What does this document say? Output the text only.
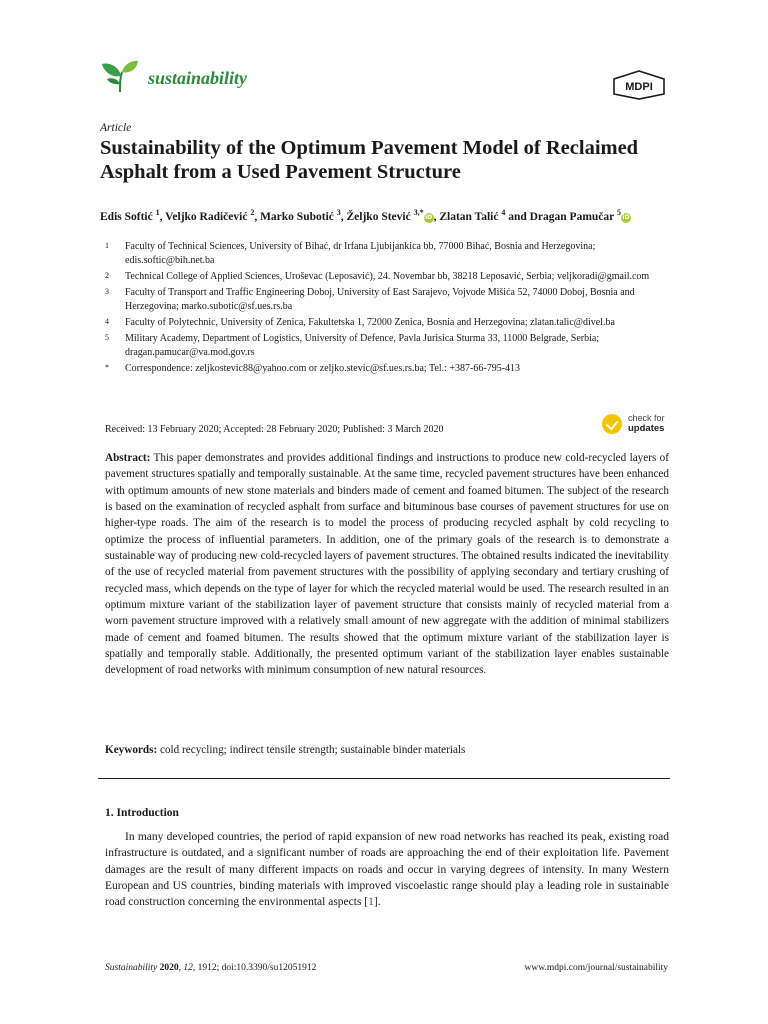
sustainability	MDPI
Article
Sustainability of the Optimum Pavement Model of Reclaimed Asphalt from a Used Pavement Structure
Edis Softić $^1$, Veljko Radičević $^2$, Marko Subotić $^3$, Željko Stević $^{3,*}$iD, Zlatan Talić $^4$ and Dragan Pamučar $^5$iD
1 Faculty of Technical Sciences, University of Bihać, dr Irfana Ljubijankica bb, 77000 Bihać, Bosnia and Herzegovina; edis.softic@bih.net.ba
2 Technical College of Applied Sciences, Uroševac (Leposavić), 24. Novembar bb, 38218 Leposavić, Serbia; veljkoradi@gmail.com
3 Faculty of Transport and Traffic Engineering Doboj, University of East Sarajevo, Vojvode Mišića 52, 74000 Doboj, Bosnia and Herzegovina; marko.subotic@sf.ues.rs.ba
4 Faculty of Polytechnic, University of Zenica, Fakultetska 1, 72000 Zenica, Bosnia and Herzegovina; zlatan.talic@divel.ba
5 Military Academy, Department of Logistics, University of Defence, Pavla Jurisica Sturma 33, 11000 Belgrade, Serbia; dragan.pamucar@va.mod.gov.rs
* Correspondence: zeljkostevic88@yahoo.com or zeljko.stevic@sf.ues.rs.ba; Tel.: +387-66-795-413
Received: 13 February 2020; Accepted: 28 February 2020; Published: 3 March 2020
check for
updates
Abstract: This paper demonstrates and provides additional findings and instructions to produce new cold-recycled layers of pavement structures spatially and temporally sustainable. At the same time, recycled pavement structures have been enhanced with optimum amounts of new stone materials and binders made of cement and foamed bitumen. The subject of the research is based on the examination of recycled asphalt from surface and bituminous base courses of pavement structures for use on higher-type roads. The aim of the research is to model the process of producing recycled asphalt by cold recycling to optimize the process of influential parameters. In addition, one of the primary goals of the research is to demonstrate a sustainable way of producing new cold-recycled layers of pavement structures. The obtained results indicated the inevitability of the use of recycled material from pavement structures with the possibility of applying secondary and tertiary crushing of recycled mass, which depends on the type of layer for which the recycled material would be used. The research resulted in an optimum mixture variant of the stabilization layer of pavement structure that consists mainly of recycled material from a worn pavement structure improved with a relatively small amount of new aggregate with the addition of minimal stabilizers made of cement and foamed bitumen. The results showed that the optimum mixture variant of the stabilization layer is spatially and temporally stable. Additionally, the presented optimum variant of the stabilization layer enables sustainable development of road networks with minimum consumption of new natural resources.
Keywords: cold recycling; indirect tensile strength; sustainable binder materials
1. Introduction
In many developed countries, the period of rapid expansion of new road networks has reached its peak, existing road infrastructure is outdated, and a significant number of roads are approaching the end of their exploitation life. Pavement damages are the result of many different impacts on roads and occur in varying degrees of intensity. In many Western European and US countries, binding materials with improved viscoelastic range should play a leading role in sustainable road construction concerning the environmental aspects [1].
Sustainability 2020, 12, 1912; doi:10.3390/su12051912	www.mdpi.com/journal/sustainability
